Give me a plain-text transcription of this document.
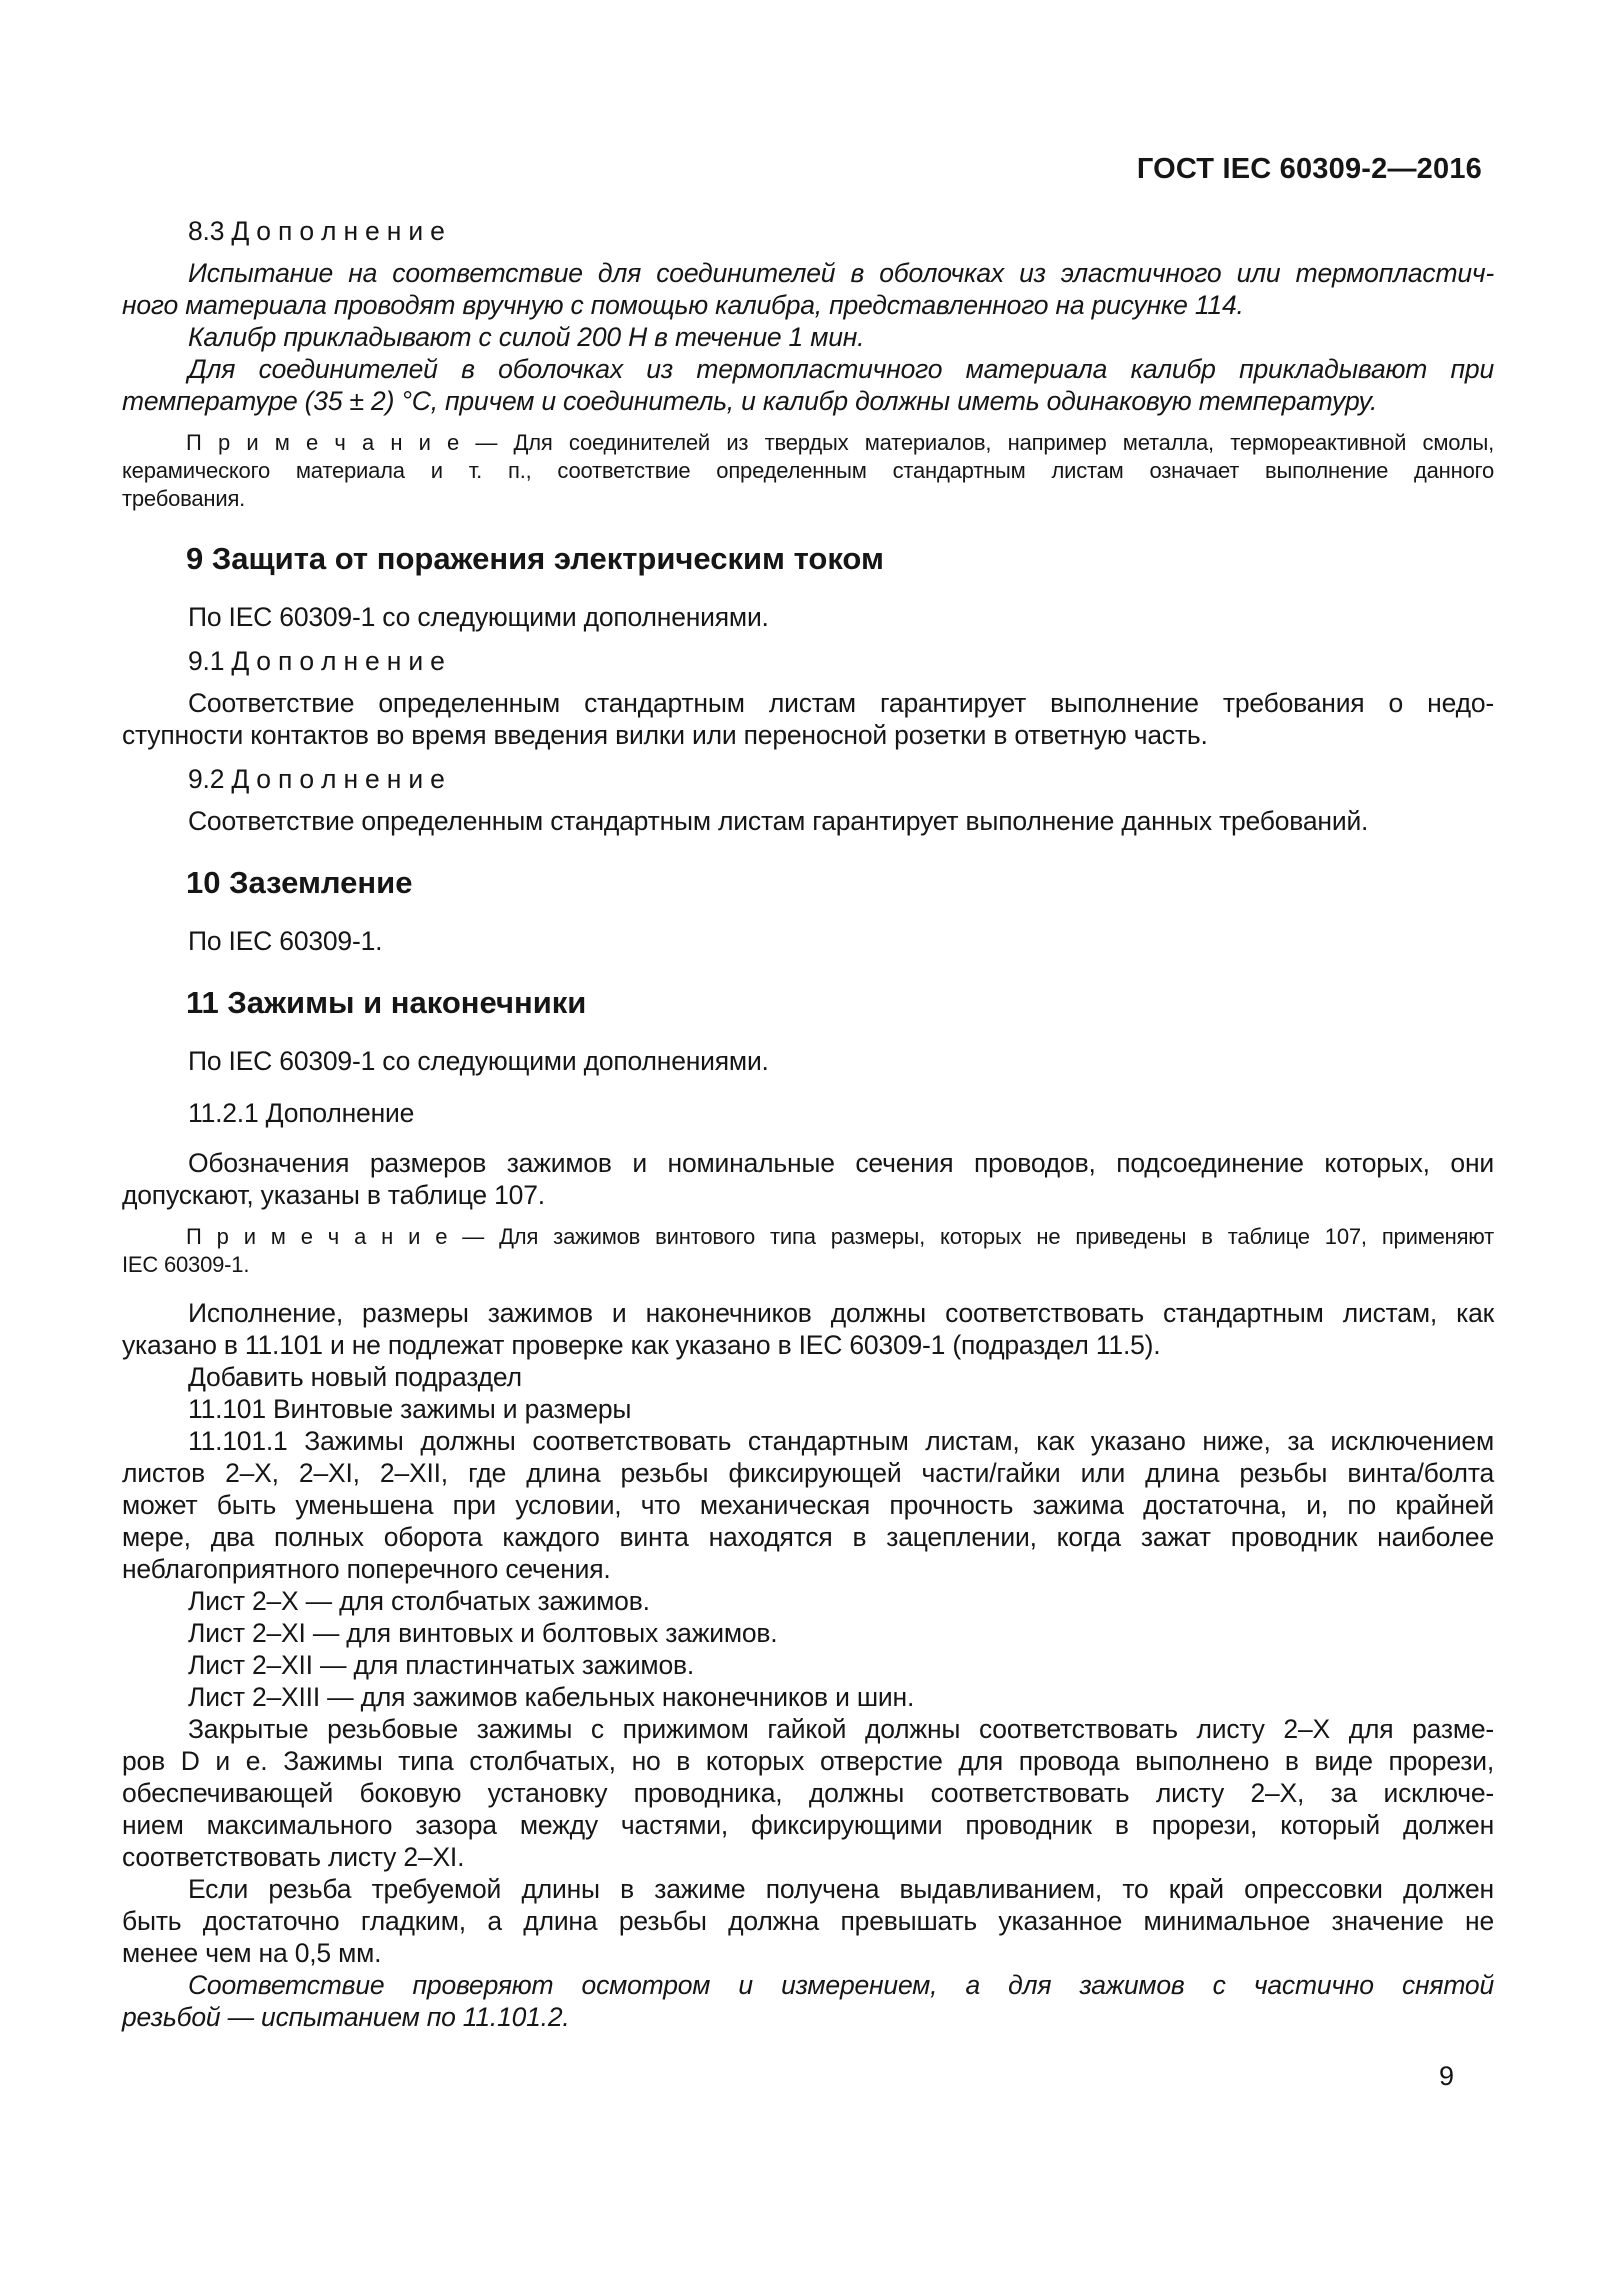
ГОСТ IEC 60309-2—2016
8.3 Д о п о л н е н и е
Испытание на соответствие для соединителей в оболочках из эластичного или термопластич-
ного материала проводят вручную с помощью калибра, представленного на рисунке 114.
Калибр прикладывают с силой 200 Н в течение 1 мин.
Для соединителей в оболочках из термопластичного материала калибр прикладывают при
температуре (35 ± 2) °C, причем и соединитель, и калибр должны иметь одинаковую температуру.
П р и м е ч а н и е — Для соединителей из твердых материалов, например металла, термореактивной смолы,
керамического материала и т. п., соответствие определенным стандартным листам означает выполнение данного
требования.
9 Защита от поражения электрическим током
По IEC 60309-1 со следующими дополнениями.
9.1 Д о п о л н е н и е
Соответствие определенным стандартным листам гарантирует выполнение требования о недо-
ступности контактов во время введения вилки или переносной розетки в ответную часть.
9.2 Д о п о л н е н и е
Соответствие определенным стандартным листам гарантирует выполнение данных требований.
10 Заземление
По IEC 60309-1.
11 Зажимы и наконечники
По IEC 60309-1 со следующими дополнениями.
11.2.1 Дополнение
Обозначения размеров зажимов и номинальные сечения проводов, подсоединение которых, они
допускают, указаны в таблице 107.
П р и м е ч а н и е — Для зажимов винтового типа размеры, которых не приведены в таблице 107, применяют
IEC 60309-1.
Исполнение, размеры зажимов и наконечников должны соответствовать стандартным листам, как
указано в 11.101 и не подлежат проверке как указано в IEC 60309-1 (подраздел 11.5).
Добавить новый подраздел
11.101 Винтовые зажимы и размеры
11.101.1 Зажимы должны соответствовать стандартным листам, как указано ниже, за исключением
листов 2–X, 2–XI, 2–XII, где длина резьбы фиксирующей части/гайки или длина резьбы винта/болта
может быть уменьшена при условии, что механическая прочность зажима достаточна, и, по крайней
мере, два полных оборота каждого винта находятся в зацеплении, когда зажат проводник наиболее
неблагоприятного поперечного сечения.
Лист 2–X — для столбчатых зажимов.
Лист 2–XI — для винтовых и болтовых зажимов.
Лист 2–XII — для пластинчатых зажимов.
Лист 2–XIII — для зажимов кабельных наконечников и шин.
Закрытые резьбовые зажимы с прижимом гайкой должны соответствовать листу 2–X для разме-
ров D и e. Зажимы типа столбчатых, но в которых отверстие для провода выполнено в виде прорези,
обеспечивающей боковую установку проводника, должны соответствовать листу 2–X, за исключе-
нием максимального зазора между частями, фиксирующими проводник в прорези, который должен
соответствовать листу 2–XI.
Если резьба требуемой длины в зажиме получена выдавливанием, то край опрессовки должен
быть достаточно гладким, а длина резьбы должна превышать указанное минимальное значение не
менее чем на 0,5 мм.
Соответствие проверяют осмотром и измерением, а для зажимов с частично снятой
резьбой — испытанием по 11.101.2.
9
